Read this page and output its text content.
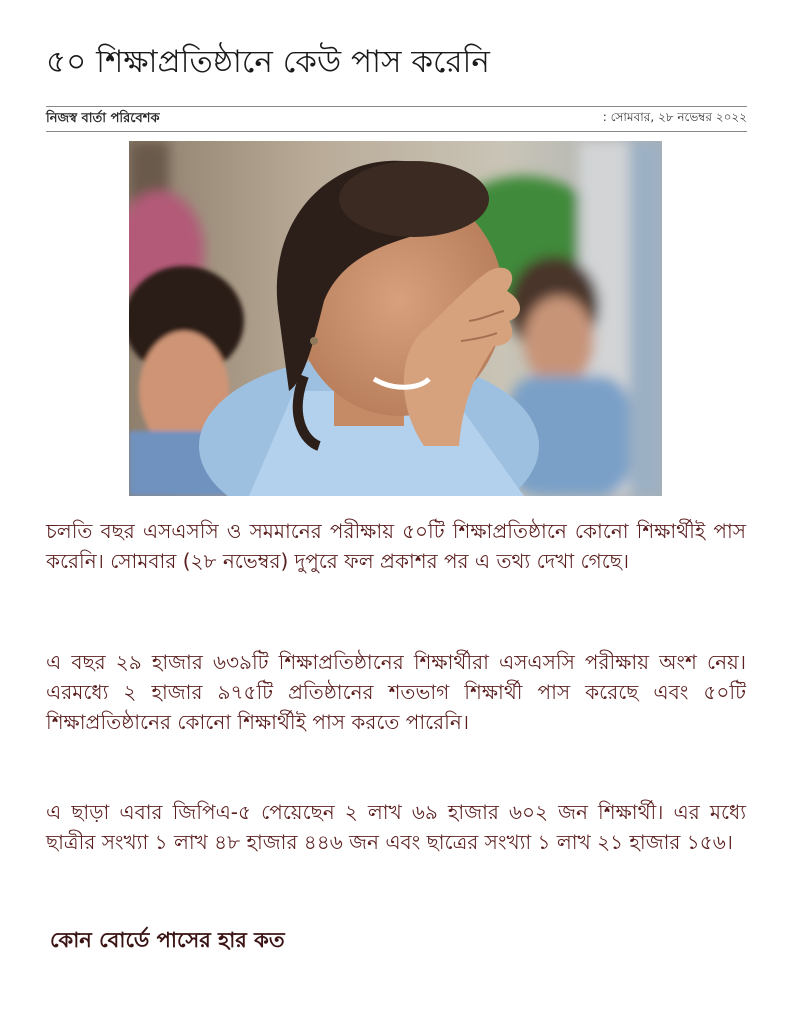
৫০ শিক্ষাপ্রতিষ্ঠানে কেউ পাস করেনি
নিজস্ব বার্তা পরিবেশক	: সোমবার, ২৮ নভেম্বর ২০২২

চলতি বছর এসএসসি ও সমমানের পরীক্ষায় ৫০টি শিক্ষাপ্রতিষ্ঠানে কোনো শিক্ষার্থীই পাস করেনি। সোমবার (২৮ নভেম্বর) দুপুরে ফল প্রকাশর পর এ তথ্য দেখা গেছে।

এ বছর ২৯ হাজার ৬৩৯টি শিক্ষাপ্রতিষ্ঠানের শিক্ষার্থীরা এসএসসি পরীক্ষায় অংশ নেয়। এরমধ্যে ২ হাজার ৯৭৫টি প্রতিষ্ঠানের শতভাগ শিক্ষার্থী পাস করেছে এবং ৫০টি শিক্ষাপ্রতিষ্ঠানের কোনো শিক্ষার্থীই পাস করতে পারেনি।

এ ছাড়া এবার জিপিএ-৫ পেয়েছেন ২ লাখ ৬৯ হাজার ৬০২ জন শিক্ষার্থী। এর মধ্যে ছাত্রীর সংখ্যা ১ লাখ ৪৮ হাজার ৪৪৬ জন এবং ছাত্রের সংখ্যা ১ লাখ ২১ হাজার ১৫৬।

কোন বোর্ডে পাসের হার কত
